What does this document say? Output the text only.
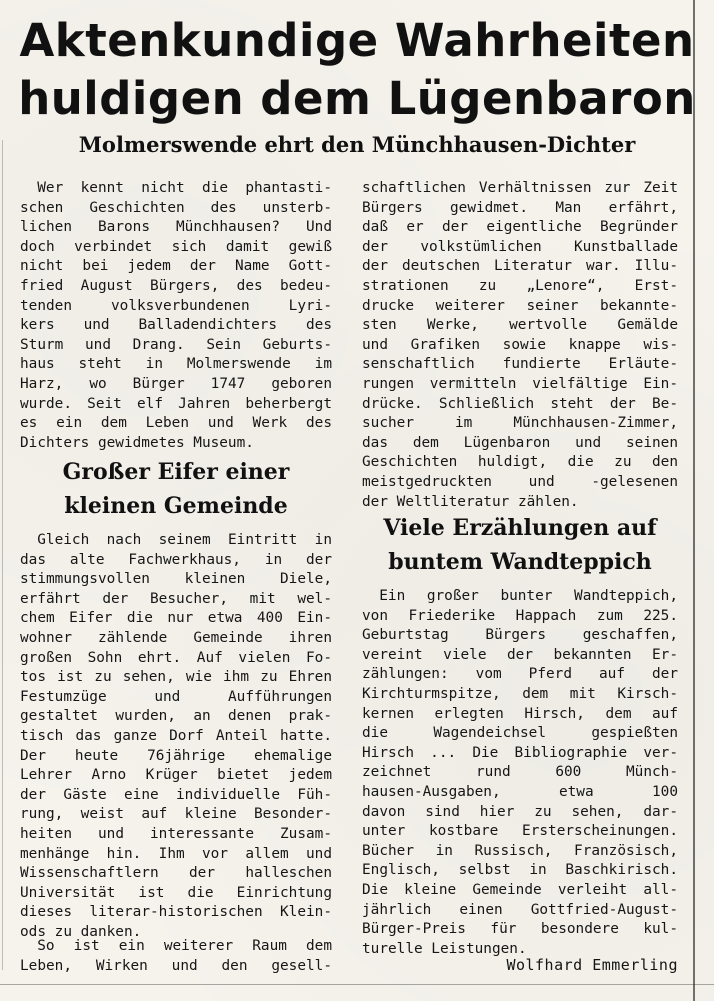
Aktenkundige Wahrheiten
huldigen dem Lügenbaron
Molmerswende ehrt den Münchhausen-Dichter
Wer kennt nicht die phantasti-
schen Geschichten des unsterb-
lichen Barons Münchhausen? Und
doch verbindet sich damit gewiß
nicht bei jedem der Name Gott-
fried August Bürgers, des bedeu-
tenden volksverbundenen Lyri-
kers und Balladendichters des
Sturm und Drang. Sein Geburts-
haus steht in Molmerswende im
Harz, wo Bürger 1747 geboren
wurde. Seit elf Jahren beherbergt
es ein dem Leben und Werk des
Dichters gewidmetes Museum.
Großer Eifer einer
kleinen Gemeinde
Gleich nach seinem Eintritt in
das alte Fachwerkhaus, in der
stimmungsvollen kleinen Diele,
erfährt der Besucher, mit wel-
chem Eifer die nur etwa 400 Ein-
wohner zählende Gemeinde ihren
großen Sohn ehrt. Auf vielen Fo-
tos ist zu sehen, wie ihm zu Ehren
Festumzüge und Aufführungen
gestaltet wurden, an denen prak-
tisch das ganze Dorf Anteil hatte.
Der heute 76jährige ehemalige
Lehrer Arno Krüger bietet jedem
der Gäste eine individuelle Füh-
rung, weist auf kleine Besonder-
heiten und interessante Zusam-
menhänge hin. Ihm vor allem und
Wissenschaftlern der halleschen
Universität ist die Einrichtung
dieses literar-historischen Klein-
ods zu danken.
So ist ein weiterer Raum dem
Leben, Wirken und den gesell-
schaftlichen Verhältnissen zur Zeit
Bürgers gewidmet. Man erfährt,
daß er der eigentliche Begründer
der volkstümlichen Kunstballade
der deutschen Literatur war. Illu-
strationen zu „Lenore“, Erst-
drucke weiterer seiner bekannte-
sten Werke, wertvolle Gemälde
und Grafiken sowie knappe wis-
senschaftlich fundierte Erläute-
rungen vermitteln vielfältige Ein-
drücke. Schließlich steht der Be-
sucher im Münchhausen-Zimmer,
das dem Lügenbaron und seinen
Geschichten huldigt, die zu den
meistgedruckten und -gelesenen
der Weltliteratur zählen.
Viele Erzählungen auf
buntem Wandteppich
Ein großer bunter Wandteppich,
von Friederike Happach zum 225.
Geburtstag Bürgers geschaffen,
vereint viele der bekannten Er-
zählungen: vom Pferd auf der
Kirchturmspitze, dem mit Kirsch-
kernen erlegten Hirsch, dem auf
die Wagendeichsel gespießten
Hirsch ... Die Bibliographie ver-
zeichnet rund 600 Münch-
hausen-Ausgaben, etwa 100
davon sind hier zu sehen, dar-
unter kostbare Ersterscheinungen.
Bücher in Russisch, Französisch,
Englisch, selbst in Baschkirisch.
Die kleine Gemeinde verleiht all-
jährlich einen Gottfried-August-
Bürger-Preis für besondere kul-
turelle Leistungen.
Wolfhard Emmerling
